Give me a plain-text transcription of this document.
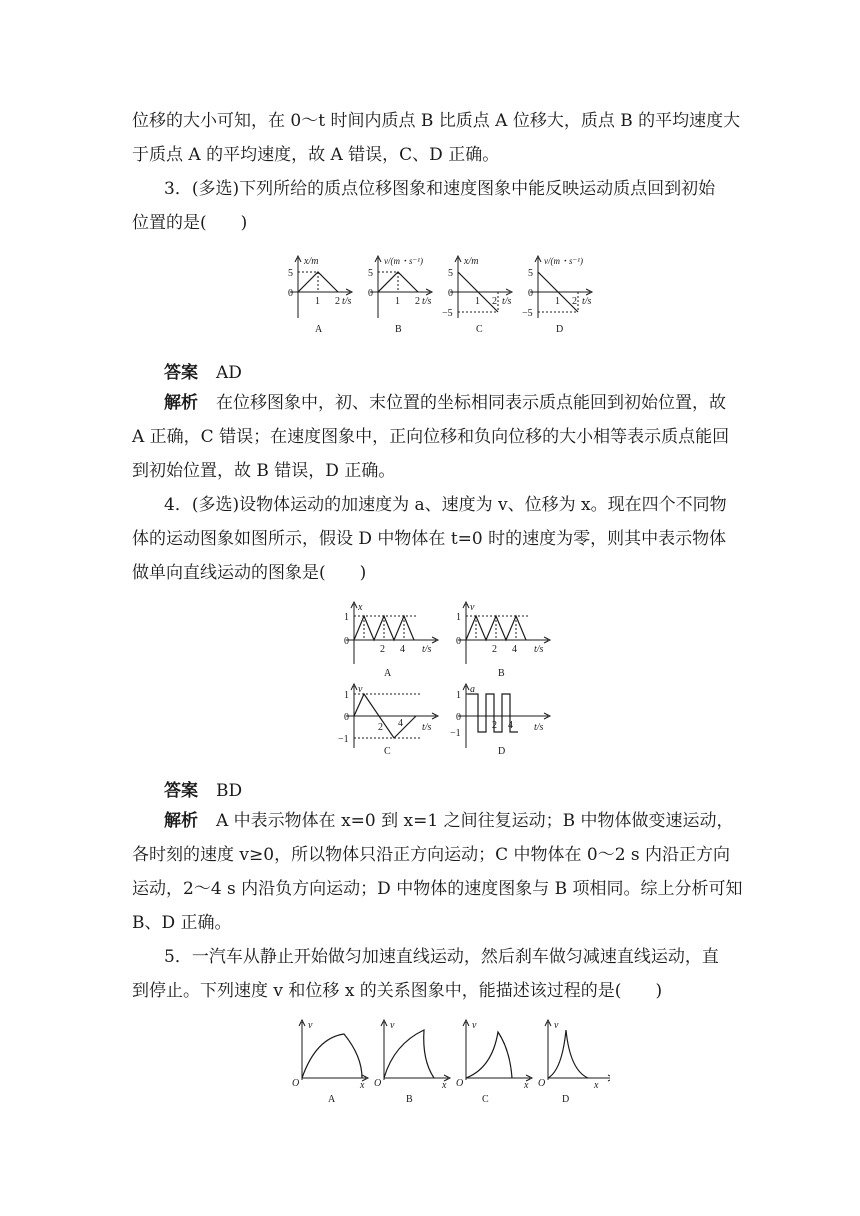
位移的大小可知，在 0～t 时间内质点 B 比质点 A 位移大，质点 B 的平均速度大
于质点 A 的平均速度，故 A 错误，C、D 正确。
3．(多选)下列所给的质点位移图象和速度图象中能反映运动质点回到初始
位置的是(　　)
x/m
5
0
1 2 t/s
A
v/(m・s⁻¹)
5
0
1 2 t/s
B
x/m
5
0
−5
1 2 t/s
C
v/(m・s⁻¹)
5
0
−5
1 2 t/s
D
答案 AD
解析 在位移图象中，初、末位置的坐标相同表示质点能回到初始位置，故
A 正确，C 错误；在速度图象中，正向位移和负向位移的大小相等表示质点能回
到初始位置，故 B 错误，D 正确。
4．(多选)设物体运动的加速度为 a、速度为 v、位移为 x。现在四个不同物
体的运动图象如图所示，假设 D 中物体在 t=0 时的速度为零，则其中表示物体
做单向直线运动的图象是(　　)
x
1
0
2 4 t/s
A
v
1
0
2 4 t/s
B
v
1
0
−1
2 4 t/s
C
a
1
0
−1
2 4 t/s
D
答案 BD
解析 A 中表示物体在 x=0 到 x=1 之间往复运动；B 中物体做变速运动，
各时刻的速度 v≥0，所以物体只沿正方向运动；C 中物体在 0～2 s 内沿正方向
运动，2～4 s 内沿负方向运动；D 中物体的速度图象与 B 项相同。综上分析可知
B、D 正确。
5．一汽车从静止开始做匀加速直线运动，然后刹车做匀减速直线运动，直
到停止。下列速度 v 和位移 x 的关系图象中，能描述该过程的是(　　)
v
O	x
v
O	x
v
O	x
v
O	x
A	B	C	D
